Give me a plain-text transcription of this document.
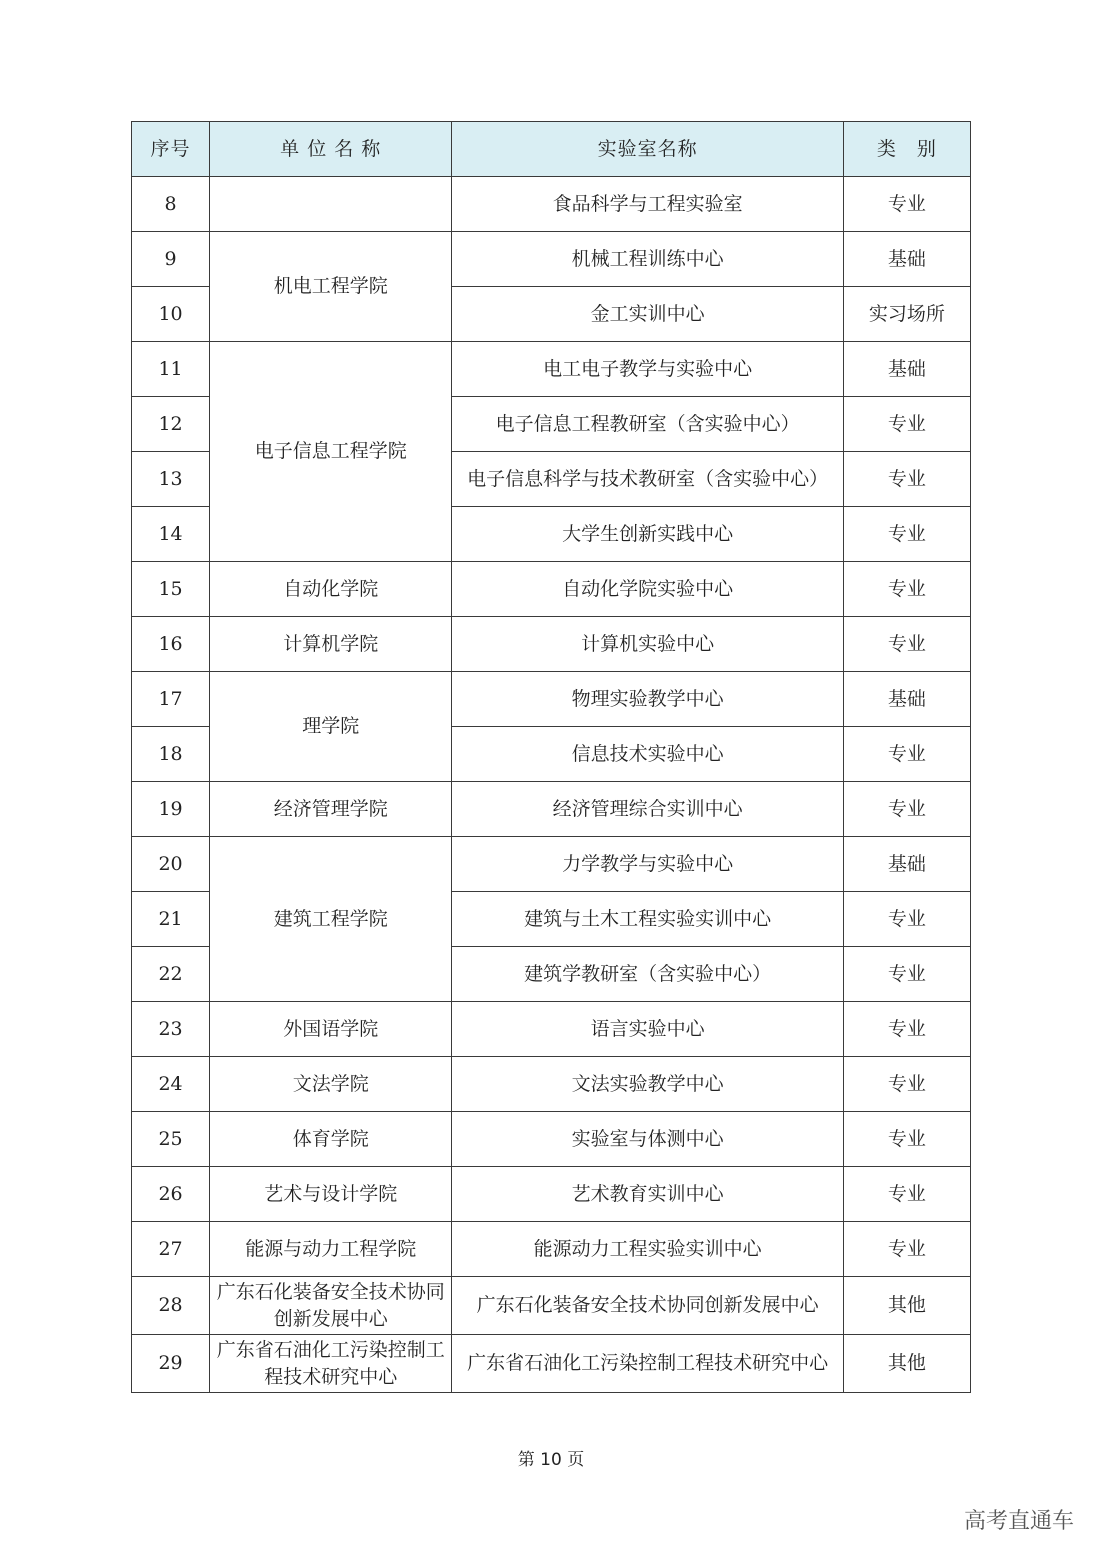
序号	单 位 名 称	实验室名称	类　别
8		食品科学与工程实验室	专业
9	机电工程学院	机械工程训练中心	基础
10		金工实训中心	实习场所
11	电子信息工程学院	电工电子教学与实验中心	基础
12		电子信息工程教研室（含实验中心）	专业
13		电子信息科学与技术教研室（含实验中心）	专业
14		大学生创新实践中心	专业
15	自动化学院	自动化学院实验中心	专业
16	计算机学院	计算机实验中心	专业
17	理学院	物理实验教学中心	基础
18		信息技术实验中心	专业
19	经济管理学院	经济管理综合实训中心	专业
20	建筑工程学院	力学教学与实验中心	基础
21		建筑与土木工程实验实训中心	专业
22		建筑学教研室（含实验中心）	专业
23	外国语学院	语言实验中心	专业
24	文法学院	文法实验教学中心	专业
25	体育学院	实验室与体测中心	专业
26	艺术与设计学院	艺术教育实训中心	专业
27	能源与动力工程学院	能源动力工程实验实训中心	专业
28	广东石化装备安全技术协同创新发展中心	广东石化装备安全技术协同创新发展中心	其他
29	广东省石油化工污染控制工程技术研究中心	广东省石油化工污染控制工程技术研究中心	其他
第 10 页
高考直通车
